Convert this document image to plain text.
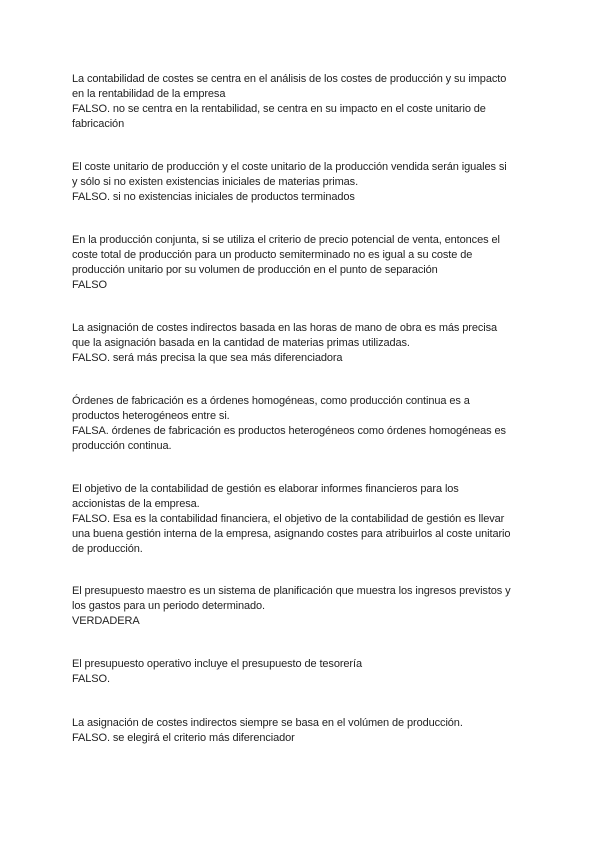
La contabilidad de costes se centra en el análisis de los costes de producción y su impacto
en la rentabilidad de la empresa

FALSO. no se centra en la rentabilidad, se centra en su impacto en el coste unitario de
fabricación

El coste unitario de producción y el coste unitario de la producción vendida serán iguales si
y sólo si no existen existencias iniciales de materias primas.

FALSO. si no existencias iniciales de productos terminados

En la producción conjunta, si se utiliza el criterio de precio potencial de venta, entonces el
coste total de producción para un producto semiterminado no es igual a su coste de
producción unitario por su volumen de producción en el punto de separación

FALSO

La asignación de costes indirectos basada en las horas de mano de obra es más precisa
que la asignación basada en la cantidad de materias primas utilizadas.

FALSO. será más precisa la que sea más diferenciadora

Órdenes de fabricación es a órdenes homogéneas, como producción continua es a
productos heterogéneos entre si.

FALSA. órdenes de fabricación es productos heterogéneos como órdenes homogéneas es
producción continua.

El objetivo de la contabilidad de gestión es elaborar informes financieros para los
accionistas de la empresa.

FALSO. Esa es la contabilidad financiera, el objetivo de la contabilidad de gestión es llevar
una buena gestión interna de la empresa, asignando costes para atribuirlos al coste unitario
de producción.

El presupuesto maestro es un sistema de planificación que muestra los ingresos previstos y
los gastos para un periodo determinado.

VERDADERA

El presupuesto operativo incluye el presupuesto de tesorería

FALSO.

La asignación de costes indirectos siempre se basa en el volúmen de producción.

FALSO. se elegirá el criterio más diferenciador
